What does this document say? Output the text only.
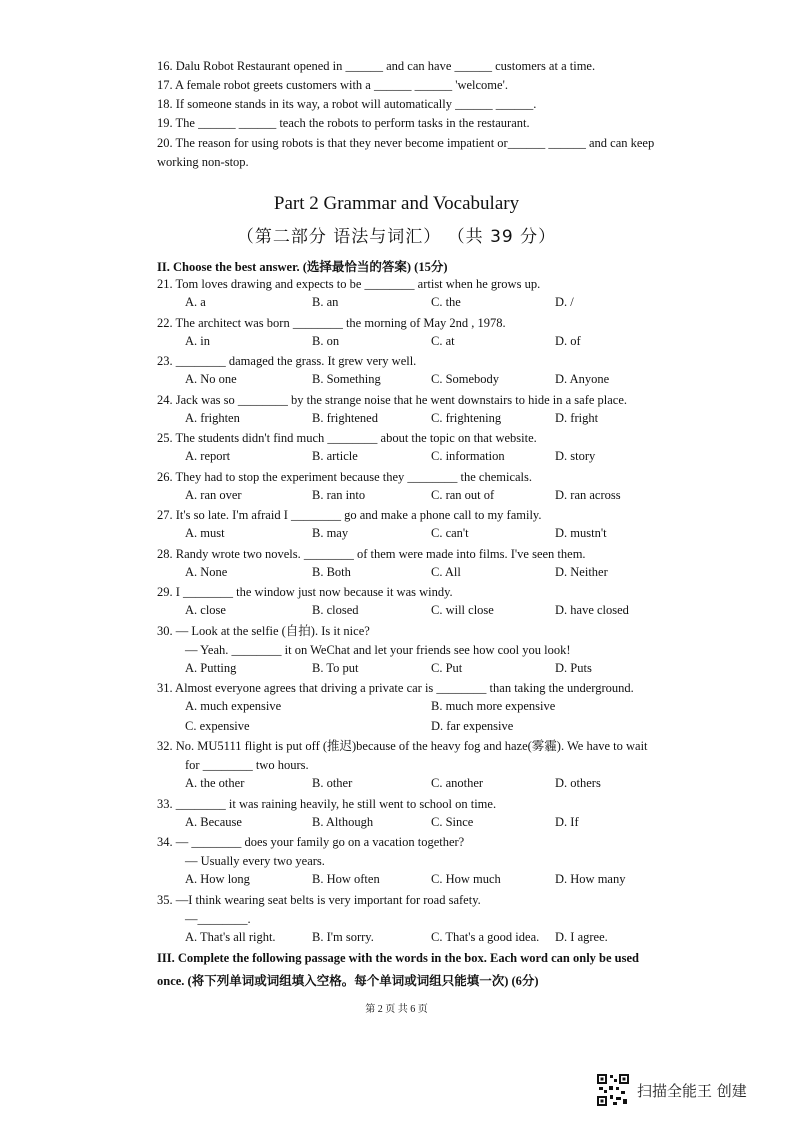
16. Dalu Robot Restaurant opened in ______ and can have ______ customers at a time.
17. A female robot greets customers with a ______ ______ 'welcome'.
18. If someone stands in its way, a robot will automatically ______ ______.
19. The ______ ______ teach the robots to perform tasks in the restaurant.
20. The reason for using robots is that they never become impatient or______ ______ and can keep
working non-stop.
Part 2 Grammar and Vocabulary
（第二部分 语法与词汇） （共 39 分）
II. Choose the best answer. (选择最恰当的答案) (15分)
21. Tom loves drawing and expects to be ________ artist when he grows up.
A. a	B. an	C. the	D. /
22. The architect was born ________ the morning of May 2nd , 1978.
A. in	B. on	C. at	D. of
23. ________ damaged the grass. It grew very well.
A. No one	B. Something	C. Somebody	D. Anyone
24. Jack was so ________ by the strange noise that he went downstairs to hide in a safe place.
A. frighten	B. frightened	C. frightening	D. fright
25. The students didn't find much ________ about the topic on that website.
A. report	B. article	C. information	D. story
26. They had to stop the experiment because they ________ the chemicals.
A. ran over	B. ran into	C. ran out of	D. ran across
27. It's so late. I'm afraid I ________ go and make a phone call to my family.
A. must	B. may	C. can't	D. mustn't
28. Randy wrote two novels. ________ of them were made into films. I've seen them.
A. None	B. Both	C. All	D. Neither
29. I ________ the window just now because it was windy.
A. close	B. closed	C. will close	D. have closed
30. — Look at the selfie (自拍). Is it nice?
— Yeah. ________ it on WeChat and let your friends see how cool you look!
A. Putting	B. To put	C. Put	D. Puts
31. Almost everyone agrees that driving a private car is ________ than taking the underground.
A. much expensive	B. much more expensive
C. expensive	D. far expensive
32. No. MU5111 flight is put off (推迟)because of the heavy fog and haze(雾霾). We have to wait
for ________ two hours.
A. the other	B. other	C. another	D. others
33. ________ it was raining heavily, he still went to school on time.
A. Because	B. Although	C. Since	D. If
34. — ________ does your family go on a vacation together?
— Usually every two years.
A. How long	B. How often	C. How much	D. How many
35. —I think wearing seat belts is very important for road safety.
—________.
A. That's all right.	B. I'm sorry.	C. That's a good idea. D. I agree.
III. Complete the following passage with the words in the box. Each word can only be used
once. (将下列单词或词组填入空格。每个单词或词组只能填一次) (6分)
第 2 页 共 6 页
扫描全能王 创建
